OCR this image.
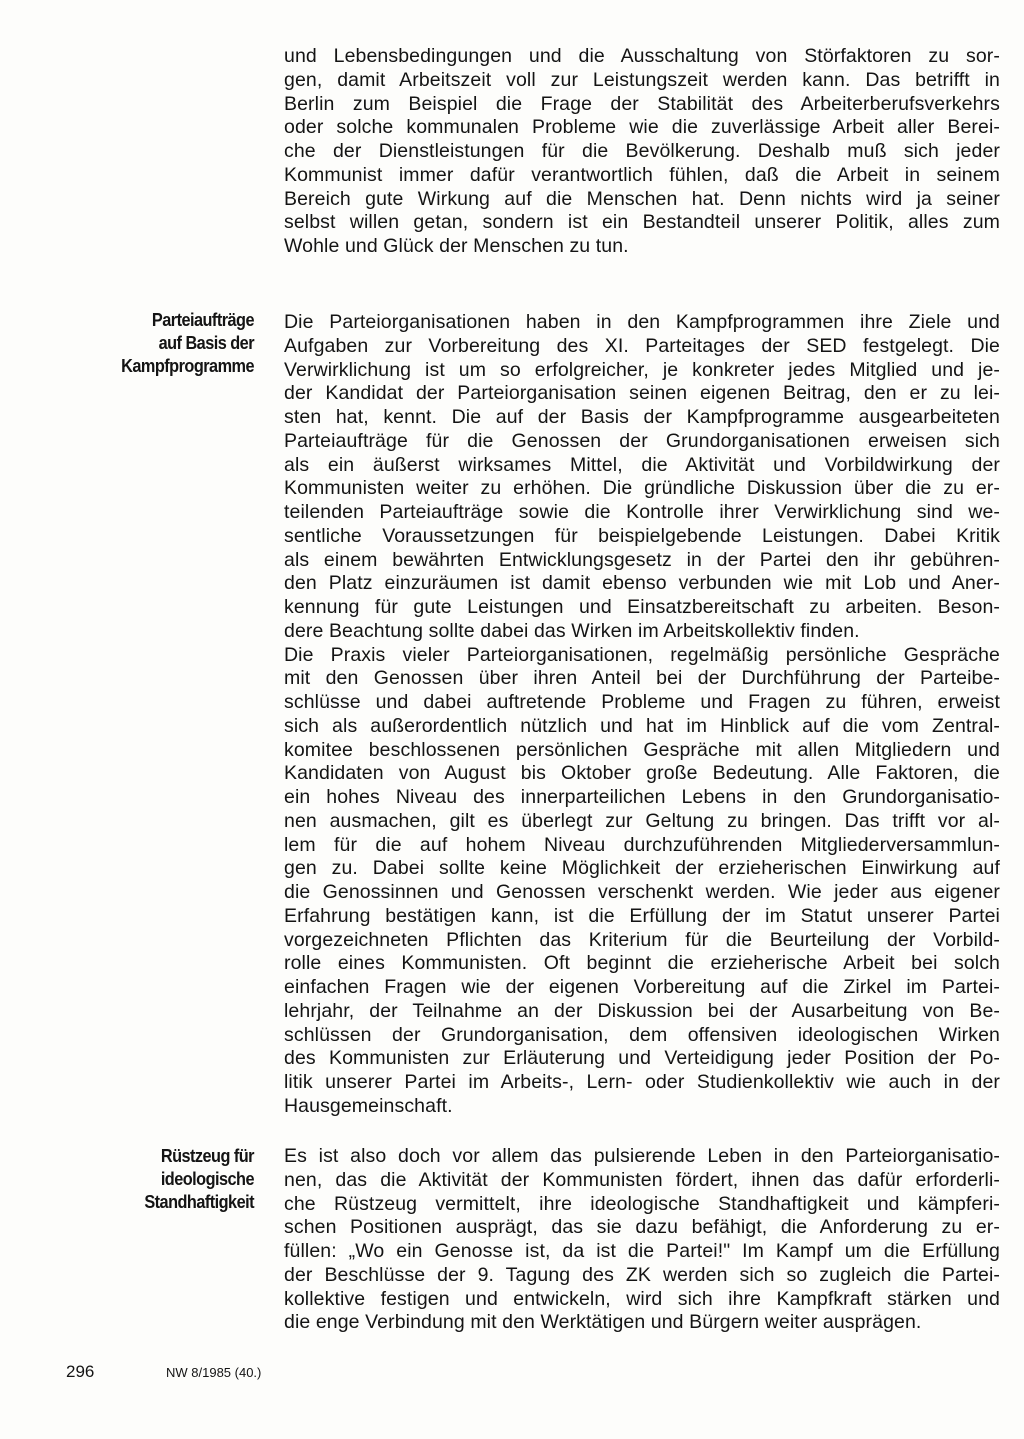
und Lebensbedingungen und die Ausschaltung von Störfaktoren zu sor-
gen, damit Arbeitszeit voll zur Leistungszeit werden kann. Das betrifft in
Berlin zum Beispiel die Frage der Stabilität des Arbeiterberufsverkehrs
oder solche kommunalen Probleme wie die zuverlässige Arbeit aller Berei-
che der Dienstleistungen für die Bevölkerung. Deshalb muß sich jeder
Kommunist immer dafür verantwortlich fühlen, daß die Arbeit in seinem
Bereich gute Wirkung auf die Menschen hat. Denn nichts wird ja seiner
selbst willen getan, sondern ist ein Bestandteil unserer Politik, alles zum
Wohle und Glück der Menschen zu tun.
Parteiaufträge
auf Basis der
Kampfprogramme
Die Parteiorganisationen haben in den Kampfprogrammen ihre Ziele und
Aufgaben zur Vorbereitung des XI. Parteitages der SED festgelegt. Die
Verwirklichung ist um so erfolgreicher, je konkreter jedes Mitglied und je-
der Kandidat der Parteiorganisation seinen eigenen Beitrag, den er zu lei-
sten hat, kennt. Die auf der Basis der Kampfprogramme ausgearbeiteten
Parteiaufträge für die Genossen der Grundorganisationen erweisen sich
als ein äußerst wirksames Mittel, die Aktivität und Vorbildwirkung der
Kommunisten weiter zu erhöhen. Die gründliche Diskussion über die zu er-
teilenden Parteiaufträge sowie die Kontrolle ihrer Verwirklichung sind we-
sentliche Voraussetzungen für beispielgebende Leistungen. Dabei Kritik
als einem bewährten Entwicklungsgesetz in der Partei den ihr gebühren-
den Platz einzuräumen ist damit ebenso verbunden wie mit Lob und Aner-
kennung für gute Leistungen und Einsatzbereitschaft zu arbeiten. Beson-
dere Beachtung sollte dabei das Wirken im Arbeitskollektiv finden.
Die Praxis vieler Parteiorganisationen, regelmäßig persönliche Gespräche
mit den Genossen über ihren Anteil bei der Durchführung der Parteibe-
schlüsse und dabei auftretende Probleme und Fragen zu führen, erweist
sich als außerordentlich nützlich und hat im Hinblick auf die vom Zentral-
komitee beschlossenen persönlichen Gespräche mit allen Mitgliedern und
Kandidaten von August bis Oktober große Bedeutung. Alle Faktoren, die
ein hohes Niveau des innerparteilichen Lebens in den Grundorganisatio-
nen ausmachen, gilt es überlegt zur Geltung zu bringen. Das trifft vor al-
lem für die auf hohem Niveau durchzuführenden Mitgliederversammlun-
gen zu. Dabei sollte keine Möglichkeit der erzieherischen Einwirkung auf
die Genossinnen und Genossen verschenkt werden. Wie jeder aus eigener
Erfahrung bestätigen kann, ist die Erfüllung der im Statut unserer Partei
vorgezeichneten Pflichten das Kriterium für die Beurteilung der Vorbild-
rolle eines Kommunisten. Oft beginnt die erzieherische Arbeit bei solch
einfachen Fragen wie der eigenen Vorbereitung auf die Zirkel im Partei-
lehrjahr, der Teilnahme an der Diskussion bei der Ausarbeitung von Be-
schlüssen der Grundorganisation, dem offensiven ideologischen Wirken
des Kommunisten zur Erläuterung und Verteidigung jeder Position der Po-
litik unserer Partei im Arbeits-, Lern- oder Studienkollektiv wie auch in der
Hausgemeinschaft.
Rüstzeug für
ideologische
Standhaftigkeit
Es ist also doch vor allem das pulsierende Leben in den Parteiorganisatio-
nen, das die Aktivität der Kommunisten fördert, ihnen das dafür erforderli-
che Rüstzeug vermittelt, ihre ideologische Standhaftigkeit und kämpferi-
schen Positionen ausprägt, das sie dazu befähigt, die Anforderung zu er-
füllen: „Wo ein Genosse ist, da ist die Partei!" Im Kampf um die Erfüllung
der Beschlüsse der 9. Tagung des ZK werden sich so zugleich die Partei-
kollektive festigen und entwickeln, wird sich ihre Kampfkraft stärken und
die enge Verbindung mit den Werktätigen und Bürgern weiter ausprägen.
296	NW 8/1985 (40.)
